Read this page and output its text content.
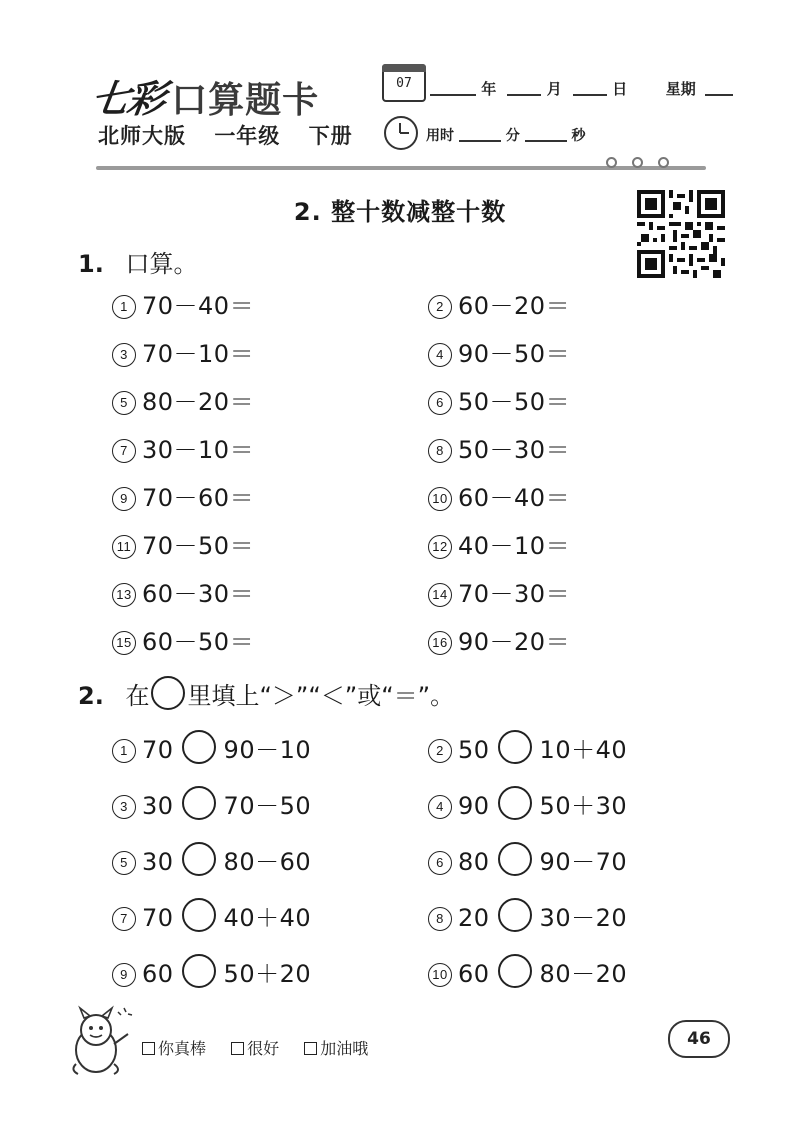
七彩 口算题卡	07	年	月	日	星期
北师大版 一年级 下册	用时	分	秒
2. 整十数减整十数
1. 口算。
1 70－40＝
3 70－10＝
5 80－20＝
7 30－10＝
9 70－60＝
11 70－50＝
13 60－30＝
15 60－50＝
2 60－20＝
4 90－50＝
6 50－50＝
8 50－30＝
10 60－40＝
12 40－10＝
14 70－30＝
16 90－20＝
2. 在 里填上“＞”“＜”或“＝”。
1 70 90－10
3 30 70－50
5 30 80－60
7 70 40＋40
9 60 50＋20
2 50 10＋40
4 90 50＋30
6 80 90－70
8 20 30－20
10 60 80－20
你真棒	很好	加油哦	46
